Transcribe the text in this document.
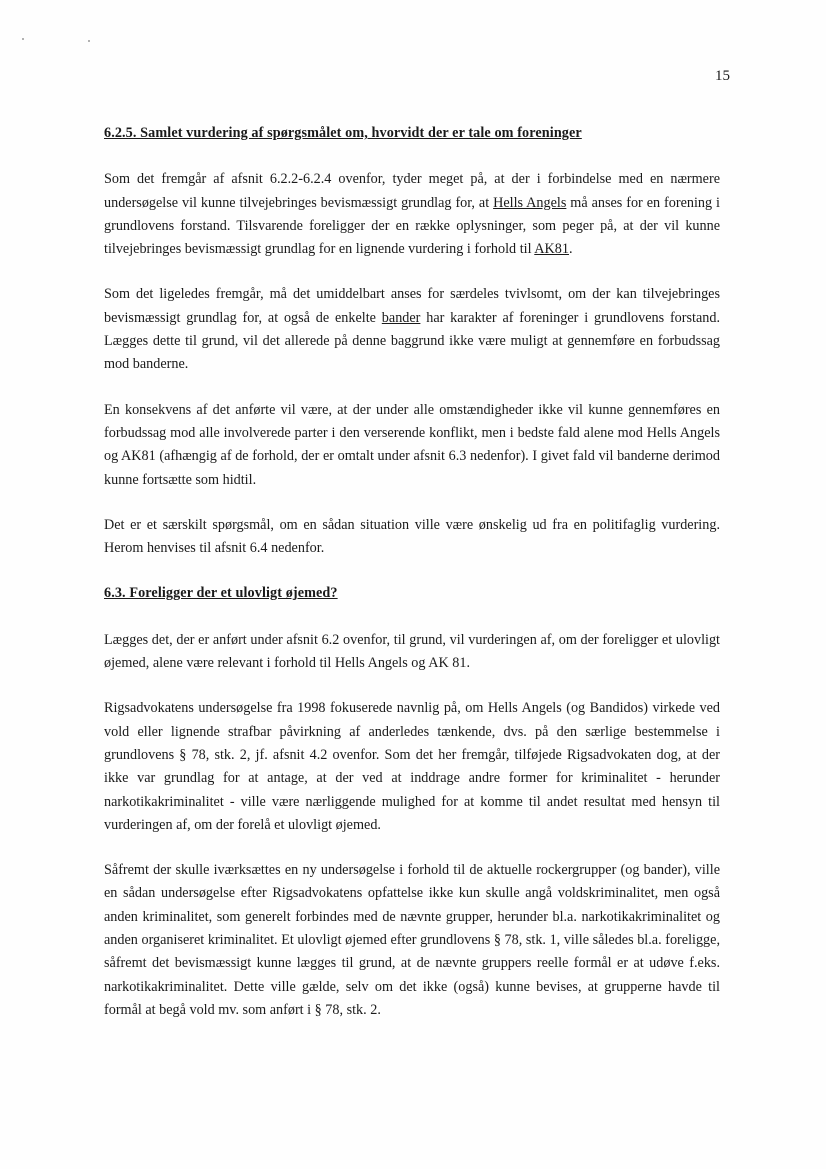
15
6.2.5. Samlet vurdering af spørgsmålet om, hvorvidt der er tale om foreninger

Som det fremgår af afsnit 6.2.2-6.2.4 ovenfor, tyder meget på, at der i forbindelse med en nærmere undersøgelse vil kunne tilvejebringes bevismæssigt grundlag for, at Hells Angels må anses for en forening i grundlovens forstand. Tilsvarende foreligger der en række oplysninger, som peger på, at der vil kunne tilvejebringes bevismæssigt grundlag for en lignende vurdering i forhold til AK81.

Som det ligeledes fremgår, må det umiddelbart anses for særdeles tvivlsomt, om der kan tilvejebringes bevismæssigt grundlag for, at også de enkelte bander har karakter af foreninger i grundlovens forstand. Lægges dette til grund, vil det allerede på denne baggrund ikke være muligt at gennemføre en forbudssag mod banderne.

En konsekvens af det anførte vil være, at der under alle omstændigheder ikke vil kunne gennemføres en forbudssag mod alle involverede parter i den verserende konflikt, men i bedste fald alene mod Hells Angels og AK81 (afhængig af de forhold, der er omtalt under afsnit 6.3 nedenfor). I givet fald vil banderne derimod kunne fortsætte som hidtil.

Det er et særskilt spørgsmål, om en sådan situation ville være ønskelig ud fra en politifaglig vurdering. Herom henvises til afsnit 6.4 nedenfor.

6.3. Foreligger der et ulovligt øjemed?

Lægges det, der er anført under afsnit 6.2 ovenfor, til grund, vil vurderingen af, om der foreligger et ulovligt øjemed, alene være relevant i forhold til Hells Angels og AK 81.

Rigsadvokatens undersøgelse fra 1998 fokuserede navnlig på, om Hells Angels (og Bandidos) virkede ved vold eller lignende strafbar påvirkning af anderledes tænkende, dvs. på den særlige bestemmelse i grundlovens § 78, stk. 2, jf. afsnit 4.2 ovenfor. Som det her fremgår, tilføjede Rigsadvokaten dog, at der ikke var grundlag for at antage, at der ved at inddrage andre former for kriminalitet - herunder narkotikakriminalitet - ville være nærliggende mulighed for at komme til andet resultat med hensyn til vurderingen af, om der forelå et ulovligt øjemed.

Såfremt der skulle iværksættes en ny undersøgelse i forhold til de aktuelle rockergrupper (og bander), ville en sådan undersøgelse efter Rigsadvokatens opfattelse ikke kun skulle angå voldskriminalitet, men også anden kriminalitet, som generelt forbindes med de nævnte grupper, herunder bl.a. narkotikakriminalitet og anden organiseret kriminalitet. Et ulovligt øjemed efter grundlovens § 78, stk. 1, ville således bl.a. foreligge, såfremt det bevismæssigt kunne lægges til grund, at de nævnte gruppers reelle formål er at udøve f.eks. narkotikakriminalitet. Dette ville gælde, selv om det ikke (også) kunne bevises, at grupperne havde til formål at begå vold mv. som anført i § 78, stk. 2.
